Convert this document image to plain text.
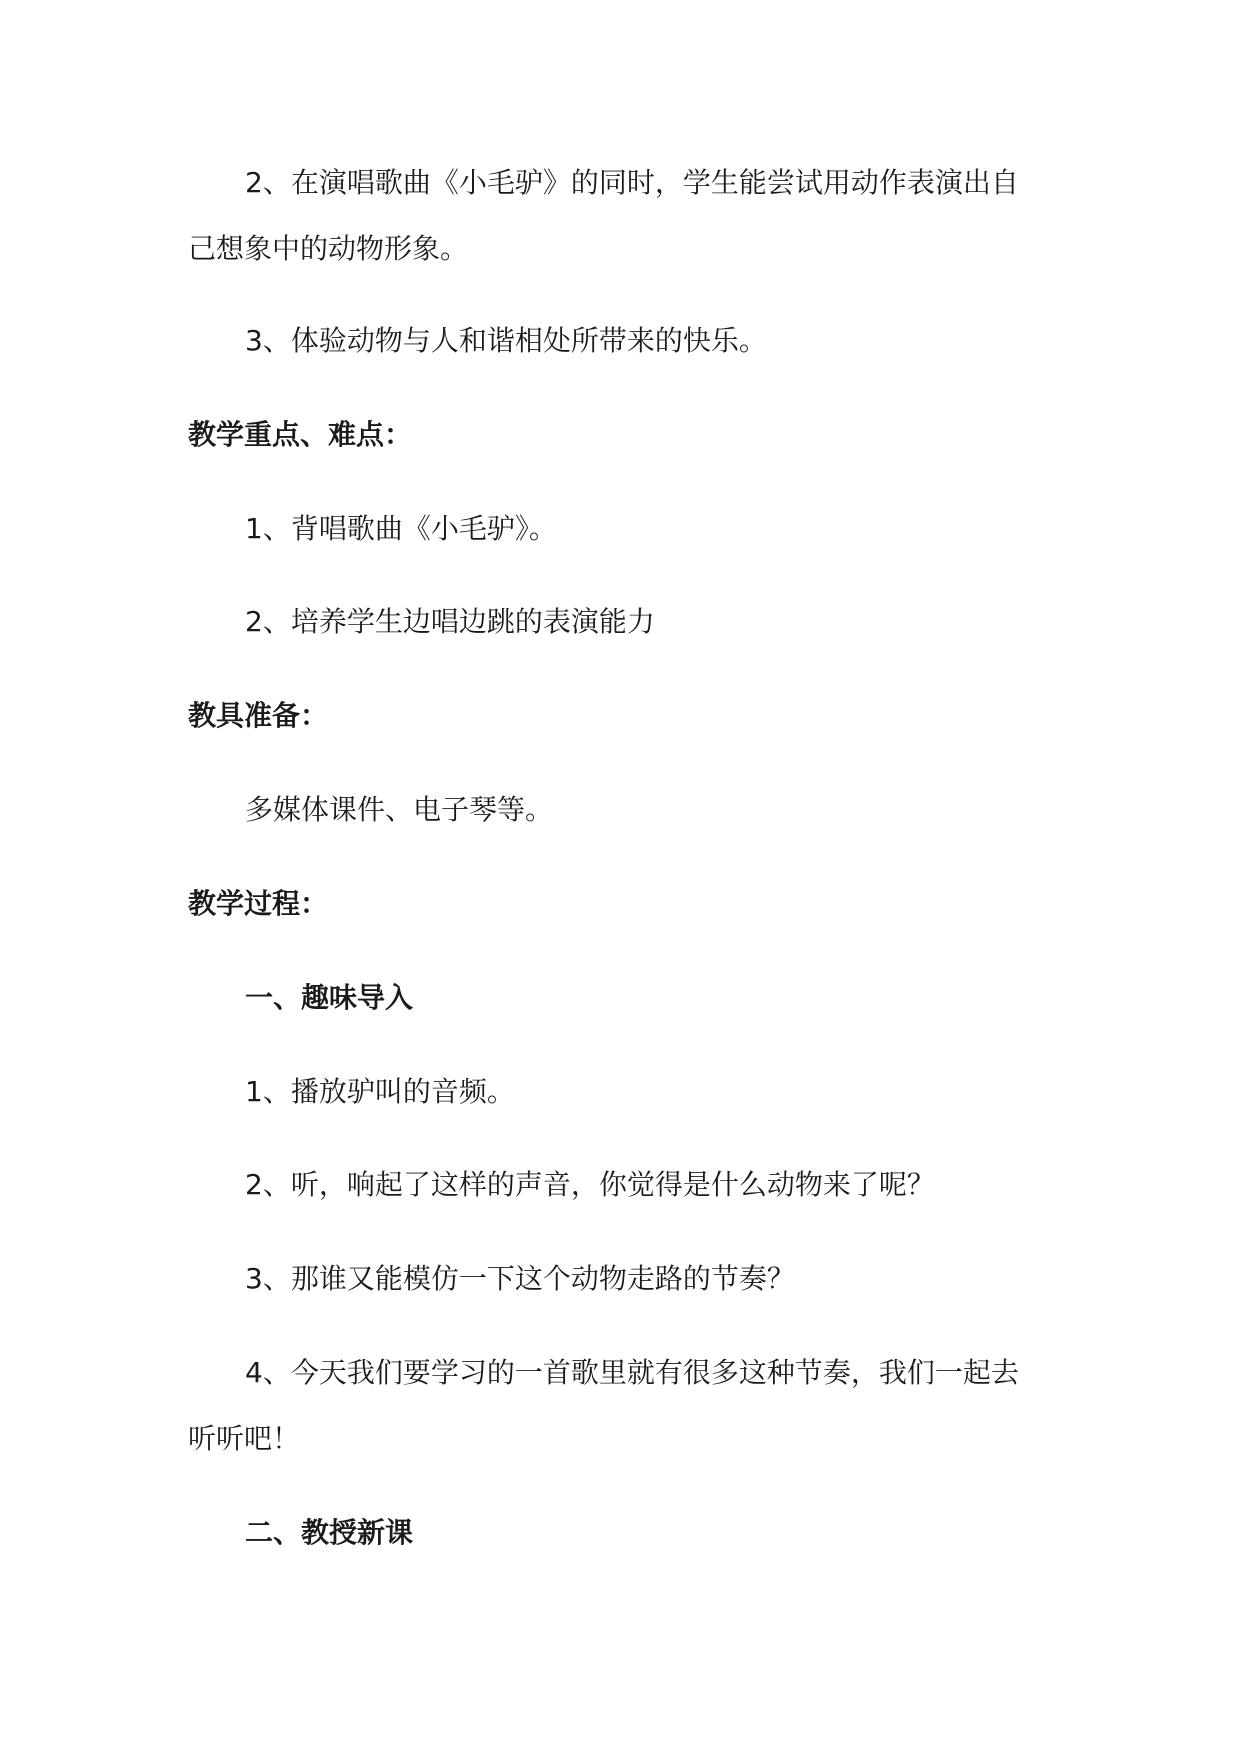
2、在演唱歌曲《小毛驴》的同时，学生能尝试用动作表演出自
己想象中的动物形象。
3、体验动物与人和谐相处所带来的快乐。
教学重点、难点：
1、背唱歌曲《小毛驴》。
2、培养学生边唱边跳的表演能力
教具准备：
多媒体课件、电子琴等。
教学过程：
一、趣味导入
1、播放驴叫的音频。
2、听，响起了这样的声音，你觉得是什么动物来了呢？
3、那谁又能模仿一下这个动物走路的节奏？
4、今天我们要学习的一首歌里就有很多这种节奏，我们一起去
听听吧！
二、教授新课
